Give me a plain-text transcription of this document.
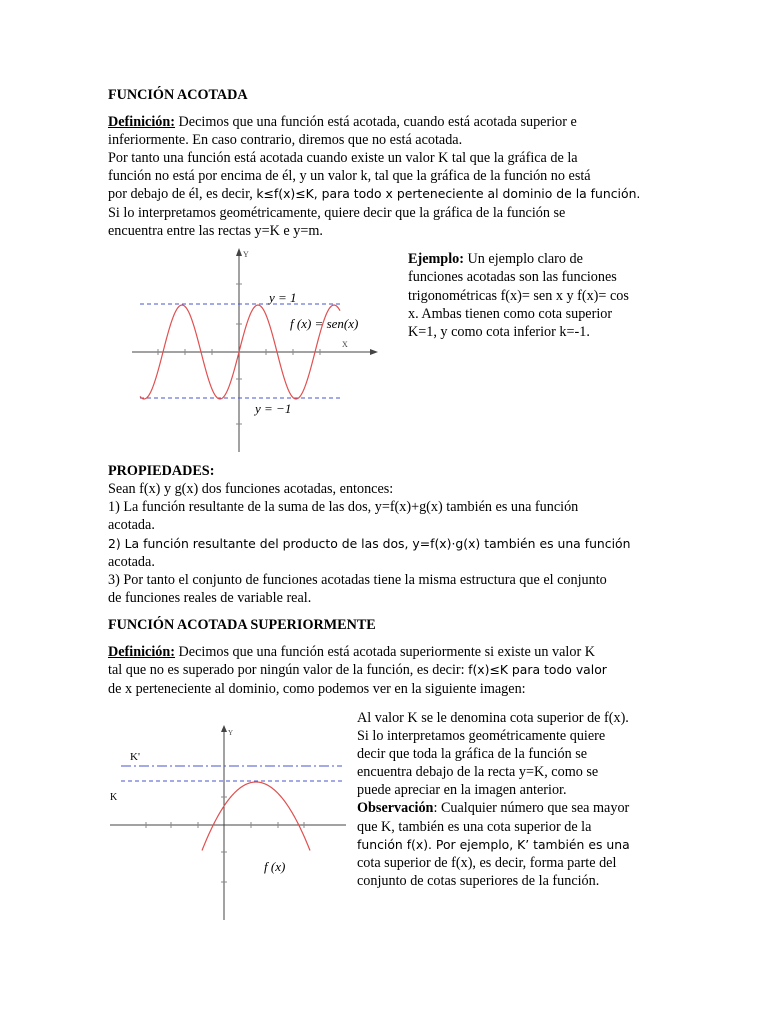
FUNCIÓN ACOTADA
Definición: Decimos que una función está acotada, cuando está acotada superior e
inferiormente. En caso contrario, diremos que no está acotada.
Por tanto una función está acotada cuando existe un valor K tal que la gráfica de la
función no está por encima de él, y un valor k, tal que la gráfica de la función no está
por debajo de él, es decir, k≤f(x)≤K, para todo x perteneciente al dominio de la función.
Si lo interpretamos geométricamente, quiere decir que la gráfica de la función se
encuentra entre las rectas y=K e y=m.
Y
X
y = 1
y = −1
f (x) = sen(x)
Ejemplo: Un ejemplo claro de
funciones acotadas son las funciones
trigonométricas f(x)= sen x y f(x)= cos
x. Ambas tienen como cota superior
K=1, y como cota inferior k=-1.
PROPIEDADES:
Sean f(x) y g(x) dos funciones acotadas, entonces:
1) La función resultante de la suma de las dos, y=f(x)+g(x) también es una función
acotada.
2) La función resultante del producto de las dos, y=f(x)·g(x) también es una función
acotada.
3) Por tanto el conjunto de funciones acotadas tiene la misma estructura que el conjunto
de funciones reales de variable real.
FUNCIÓN ACOTADA SUPERIORMENTE
Definición: Decimos que una función está acotada superiormente si existe un valor K
tal que no es superado por ningún valor de la función, es decir: f(x)≤K para todo valor
de x perteneciente al dominio, como podemos ver en la siguiente imagen:
Y
K'
K
f (x)
Al valor K se le denomina cota superior de f(x).
Si lo interpretamos geométricamente quiere
decir que toda la gráfica de la función se
encuentra debajo de la recta y=K, como se
puede apreciar en la imagen anterior.
Observación: Cualquier número que sea mayor
que K, también es una cota superior de la
función f(x). Por ejemplo, K’ también es una
cota superior de f(x), es decir, forma parte del
conjunto de cotas superiores de la función.
